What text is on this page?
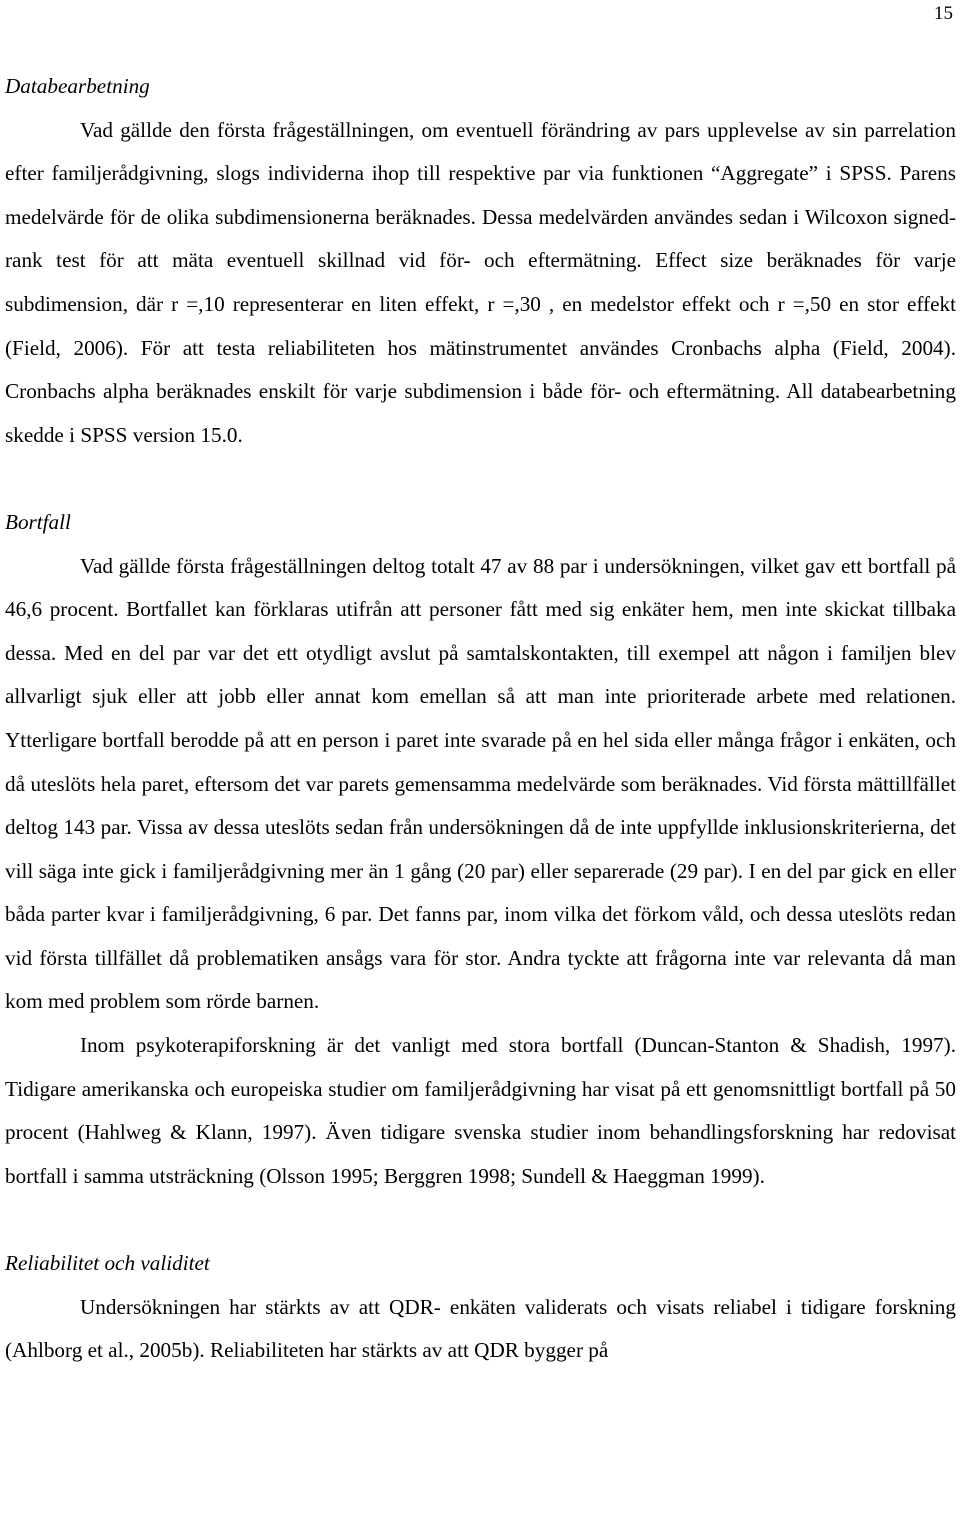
15
Databearbetning

Vad gällde den första frågeställningen, om eventuell förändring av pars upplevelse av sin parrelation efter familjerådgivning, slogs individerna ihop till respektive par via funktionen “Aggregate” i SPSS. Parens medelvärde för de olika subdimensionerna beräknades. Dessa medelvärden användes sedan i Wilcoxon signed- rank test för att mäta eventuell skillnad vid för- och eftermätning. Effect size beräknades för varje subdimension, där r =,10 representerar en liten effekt, r =,30 , en medelstor effekt och r =,50 en stor effekt (Field, 2006). För att testa reliabiliteten hos mätinstrumentet användes Cronbachs alpha (Field, 2004). Cronbachs alpha beräknades enskilt för varje subdimension i både för- och eftermätning. All databearbetning skedde i SPSS version 15.0.

Bortfall

Vad gällde första frågeställningen deltog totalt 47 av 88 par i undersökningen, vilket gav ett bortfall på 46,6 procent. Bortfallet kan förklaras utifrån att personer fått med sig enkäter hem, men inte skickat tillbaka dessa. Med en del par var det ett otydligt avslut på samtalskontakten, till exempel att någon i familjen blev allvarligt sjuk eller att jobb eller annat kom emellan så att man inte prioriterade arbete med relationen. Ytterligare bortfall berodde på att en person i paret inte svarade på en hel sida eller många frågor i enkäten, och då uteslöts hela paret, eftersom det var parets gemensamma medelvärde som beräknades. Vid första mättillfället deltog 143 par. Vissa av dessa uteslöts sedan från undersökningen då de inte uppfyllde inklusionskriterierna, det vill säga inte gick i familjerådgivning mer än 1 gång (20 par) eller separerade (29 par). I en del par gick en eller båda parter kvar i familjerådgivning, 6 par. Det fanns par, inom vilka det förkom våld, och dessa uteslöts redan vid första tillfället då problematiken ansågs vara för stor. Andra tyckte att frågorna inte var relevanta då man kom med problem som rörde barnen.

Inom psykoterapiforskning är det vanligt med stora bortfall (Duncan-Stanton & Shadish, 1997). Tidigare amerikanska och europeiska studier om familjerådgivning har visat på ett genomsnittligt bortfall på 50 procent (Hahlweg & Klann, 1997). Även tidigare svenska studier inom behandlingsforskning har redovisat bortfall i samma utsträckning (Olsson 1995; Berggren 1998; Sundell & Haeggman 1999).

Reliabilitet och validitet

Undersökningen har stärkts av att QDR- enkäten validerats och visats reliabel i tidigare forskning (Ahlborg et al., 2005b). Reliabiliteten har stärkts av att QDR bygger på
